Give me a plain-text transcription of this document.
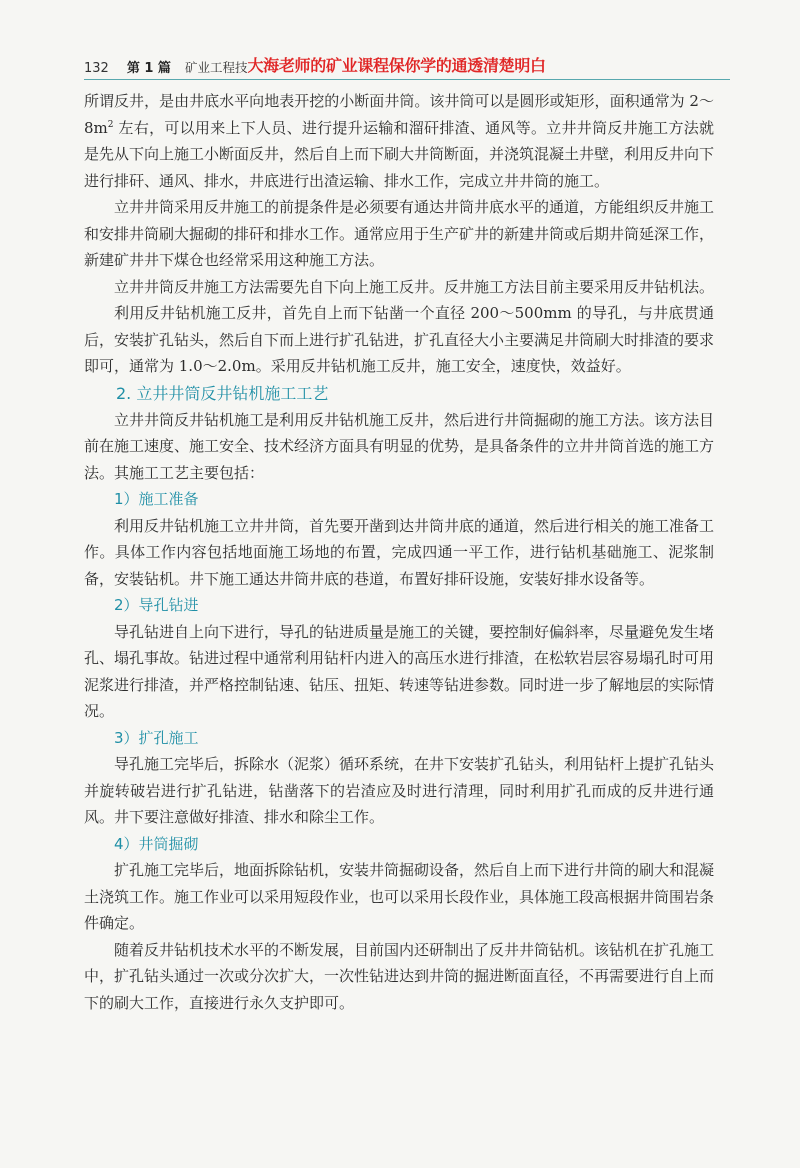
132 第 1 篇 矿业工程技 大海老师的矿业课程保你学的通透清楚明白

所谓反井，是由井底水平向地表开挖的小断面井筒。该井筒可以是圆形或矩形，面积通常为 $2\sim 8m^2$ 左右，可以用来上下人员、进行提升运输和溜矸排渣、通风等。立井井筒反井施工方法就是先从下向上施工小断面反井，然后自上而下刷大井筒断面，并浇筑混凝土井壁，利用反井向下进行排矸、通风、排水，井底进行出渣运输、排水工作，完成立井井筒的施工。

立井井筒采用反井施工的前提条件是必须要有通达井筒井底水平的通道，方能组织反井施工和安排井筒刷大掘砌的排矸和排水工作。通常应用于生产矿井的新建井筒或后期井筒延深工作，新建矿井井下煤仓也经常采用这种施工方法。

立井井筒反井施工方法需要先自下向上施工反井。反井施工方法目前主要采用反井钻机法。

利用反井钻机施工反井，首先自上而下钻凿一个直径 200～500mm 的导孔，与井底贯通后，安装扩孔钻头，然后自下而上进行扩孔钻进，扩孔直径大小主要满足井筒刷大时排渣的要求即可，通常为 1.0～2.0m。采用反井钻机施工反井，施工安全，速度快，效益好。

2. 立井井筒反井钻机施工工艺

立井井筒反井钻机施工是利用反井钻机施工反井，然后进行井筒掘砌的施工方法。该方法目前在施工速度、施工安全、技术经济方面具有明显的优势，是具备条件的立井井筒首选的施工方法。其施工工艺主要包括：

1）施工准备

利用反井钻机施工立井井筒，首先要开凿到达井筒井底的通道，然后进行相关的施工准备工作。具体工作内容包括地面施工场地的布置，完成四通一平工作，进行钻机基础施工、泥浆制备，安装钻机。井下施工通达井筒井底的巷道，布置好排矸设施，安装好排水设备等。

2）导孔钻进

导孔钻进自上向下进行，导孔的钻进质量是施工的关键，要控制好偏斜率，尽量避免发生堵孔、塌孔事故。钻进过程中通常利用钻杆内进入的高压水进行排渣，在松软岩层容易塌孔时可用泥浆进行排渣，并严格控制钻速、钻压、扭矩、转速等钻进参数。同时进一步了解地层的实际情况。

3）扩孔施工

导孔施工完毕后，拆除水（泥浆）循环系统，在井下安装扩孔钻头，利用钻杆上提扩孔钻头并旋转破岩进行扩孔钻进，钻凿落下的岩渣应及时进行清理，同时利用扩孔而成的反井进行通风。井下要注意做好排渣、排水和除尘工作。

4）井筒掘砌

扩孔施工完毕后，地面拆除钻机，安装井筒掘砌设备，然后自上而下进行井筒的刷大和混凝土浇筑工作。施工作业可以采用短段作业，也可以采用长段作业，具体施工段高根据井筒围岩条件确定。

随着反井钻机技术水平的不断发展，目前国内还研制出了反井井筒钻机。该钻机在扩孔施工中，扩孔钻头通过一次或分次扩大，一次性钻进达到井筒的掘进断面直径，不再需要进行自上而下的刷大工作，直接进行永久支护即可。
